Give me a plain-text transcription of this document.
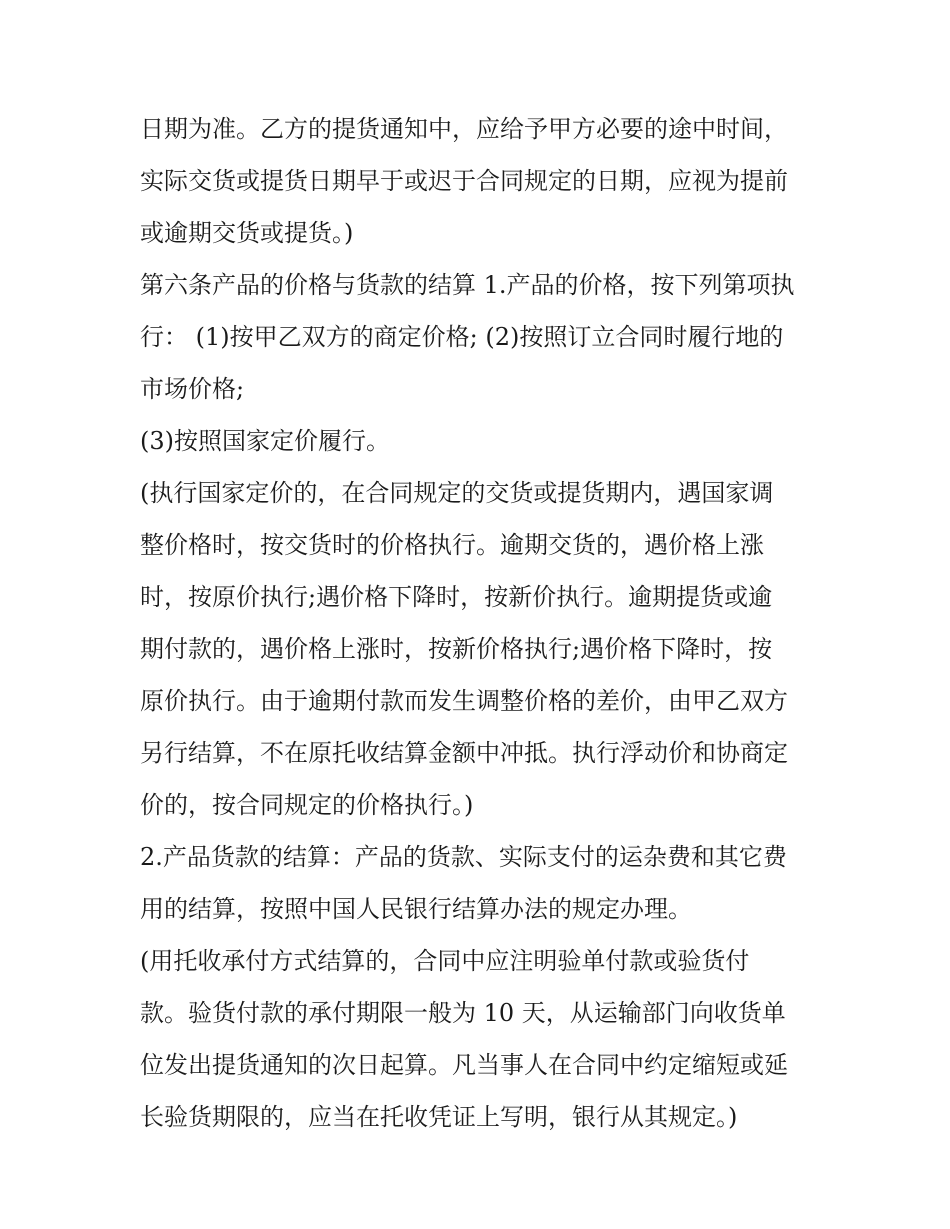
日期为准。乙方的提货通知中，应给予甲方必要的途中时间，
实际交货或提货日期早于或迟于合同规定的日期，应视为提前
或逾期交货或提货。)
第六条产品的价格与货款的结算 1.产品的价格，按下列第项执
行： (1)按甲乙双方的商定价格; (2)按照订立合同时履行地的
市场价格;
(3)按照国家定价履行。
(执行国家定价的，在合同规定的交货或提货期内，遇国家调
整价格时，按交货时的价格执行。逾期交货的，遇价格上涨
时，按原价执行;遇价格下降时，按新价执行。逾期提货或逾
期付款的，遇价格上涨时，按新价格执行;遇价格下降时，按
原价执行。由于逾期付款而发生调整价格的差价，由甲乙双方
另行结算，不在原托收结算金额中冲抵。执行浮动价和协商定
价的，按合同规定的价格执行。)
2.产品货款的结算：产品的货款、实际支付的运杂费和其它费
用的结算，按照中国人民银行结算办法的规定办理。
(用托收承付方式结算的，合同中应注明验单付款或验货付
款。验货付款的承付期限一般为 10 天，从运输部门向收货单
位发出提货通知的次日起算。凡当事人在合同中约定缩短或延
长验货期限的，应当在托收凭证上写明，银行从其规定。)
